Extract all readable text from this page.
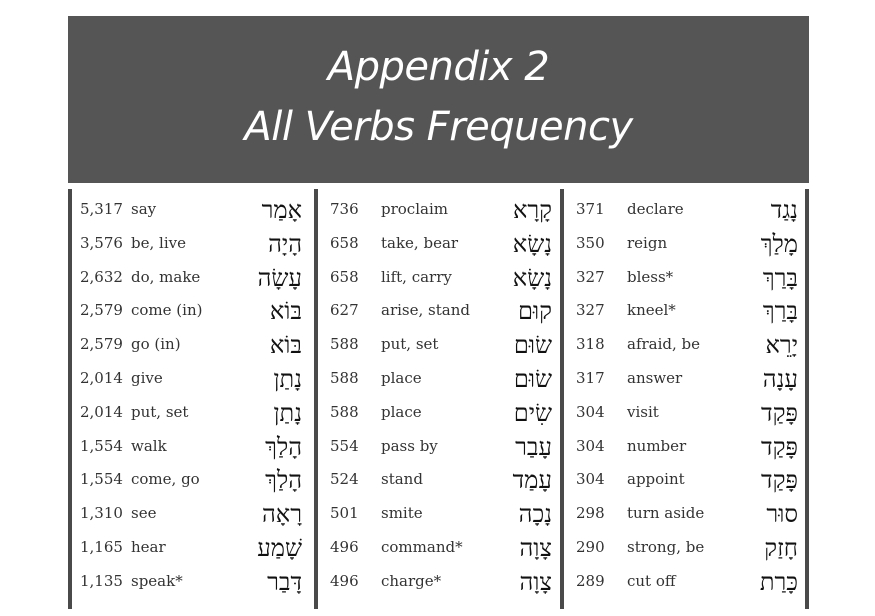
Appendix 2
All Verbs Frequency
5,317 say	אָמַר
3,576 be, live	הָיָה
2,632 do, make עָשָׂה
2,579 come (in)	בּוֹא
2,579 go (in)	בּוֹא
2,014 give	נָתַן
2,014 put, set	נָתַן
1,554 walk	הָלַךְ
1,554 come, go	הָלַךְ
1,310 see	רָאָה
1,165 hear	שָׁמַע
1,135 speak*	דָּבַר
736 proclaim	קָרָא
658 take, bear נָשָׂא
658 lift, carry	נָשָׂא
627 arise, stand קוּם
588 put, set	שׂוּם
588 place	שׂוּם
588 place	שִׂים
554 pass by	עָבַר
524 stand	עָמַד
501 smite	נָכָה
496 command* צָוָה
496 charge*	צָוָה
371 declare	נָגַד
350 reign	מָלַךְ
327 bless*	בָּרַךְ
327 kneel*	בָּרַךְ
318 afraid, be	יָרֵא
317 answer	עָנָה
304 visit	פָּקַד
304 number	פָּקַד
304 appoint	פָּקַד
298 turn aside	סוּר
290 strong, be	חָזַק
289 cut off	כָּרַת
